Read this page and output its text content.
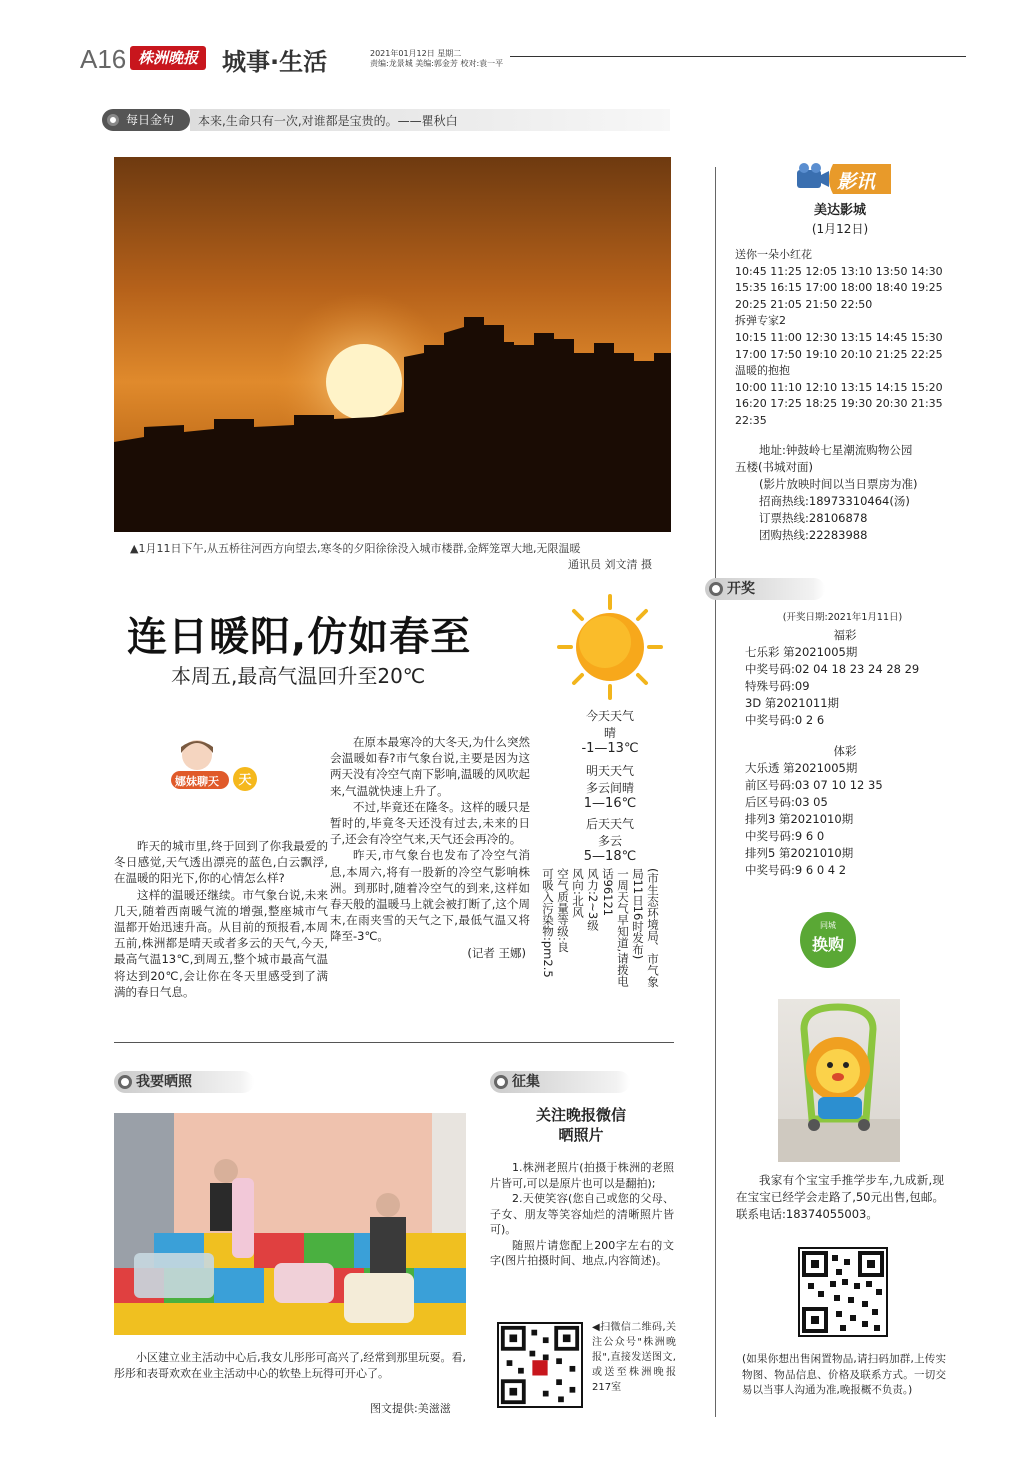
A16 株洲晚报	城事·生活	2021年01月12日 星期二
责编:龙景城 美编:郭金芳 校对:袁一平
每日金句	本来,生命只有一次,对谁都是宝贵的。——瞿秋白
▲1月11日下午,从五桥往河西方向望去,寒冬的夕阳徐徐没入城市楼群,金辉笼罩大地,无限温暖
通讯员 刘文清 摄
连日暖阳,仿如春至
本周五,最高气温回升至20℃
今天天气
晴
-1—13℃
明天天气
多云间晴
1—16℃
后天天气
多云
5—18℃
(市生态环境局、市气象局11日16时发布)
一周天气早知道,请拨电话96121
风力:2~3级
风向:北风
空气质量等级:良
可吸入污染物:pm2.5
天
娜妹聊天

昨天的城市里,终于回到了你我最爱的冬日感觉,天气透出漂亮的蓝色,白云飘浮,在温暖的阳光下,你的心情怎么样?

这样的温暖还继续。市气象台说,未来几天,随着西南暖气流的增强,整座城市气温都开始迅速升高。从目前的预报看,本周五前,株洲都是晴天或者多云的天气,今天,最高气温13℃,到周五,整个城市最高气温将达到20℃,会让你在冬天里感受到了满满的春日气息。

在原本最寒冷的大冬天,为什么突然会温暖如春?市气象台说,主要是因为这两天没有冷空气南下影响,温暖的风吹起来,气温就快速上升了。

不过,毕竟还在隆冬。这样的暖只是暂时的,毕竟冬天还没有过去,未来的日子,还会有冷空气来,天气还会再冷的。

昨天,市气象台也发布了冷空气消息,本周六,将有一股新的冷空气影响株洲。到那时,随着冷空气的到来,这样如春天般的温暖马上就会被打断了,这个周末,在雨夹雪的天气之下,最低气温又将降至-3℃。

(记者 王娜)
影讯
美达影城
(1月12日)
送你一朵小红花
10:45 11:25 12:05 13:10 13:50 14:30
15:35 16:15 17:00 18:00 18:40 19:25
20:25 21:05 21:50 22:50
拆弹专家2
10:15 11:00 12:30 13:15 14:45 15:30
17:00 17:50 19:10 20:10 21:25 22:25
温暖的抱抱
10:00 11:10 12:10 13:15 14:15 15:20
16:20 17:25 18:25 19:30 20:30 21:35
22:35
地址:钟鼓岭七星潮流购物公园
五楼(书城对面)
(影片放映时间以当日票房为准)
招商热线:18973310464(汤)
订票热线:28106878
团购热线:22283988
开奖
(开奖日期:2021年1月11日)
福彩
七乐彩 第2021005期
中奖号码:02 04 18 23 24 28 29
特殊号码:09
3D 第2021011期
中奖号码:0 2 6
体彩
大乐透 第2021005期
前区号码:03 07 10 12 35
后区号码:03 05
排列3 第2021010期
中奖号码:9 6 0
排列5 第2021010期
中奖号码:9 6 0 4 2
同城
换购
我家有个宝宝手推学步车,九成新,现在宝宝已经学会走路了,50元出售,包邮。联系电话:18374055003。
(如果你想出售闲置物品,请扫码加群,上传实物图、物品信息、价格及联系方式。一切交易以当事人沟通为准,晚报概不负责。)
我要晒照	征集

小区建立业主活动中心后,我女儿彤彤可高兴了,经常到那里玩耍。看,彤彤和表哥欢欢在业主活动中心的软垫上玩得可开心了。

图文提供:美滋滋
关注晚报微信
晒照片

1.株洲老照片(拍摄于株洲的老照片皆可,可以是原片也可以是翻拍);

2.天使笑容(您自己或您的父母、子女、朋友等笑容灿烂的清晰照片皆可)。

随照片请您配上200字左右的文字(图片拍摄时间、地点,内容简述)。

◀扫微信二维码,关注公众号"株洲晚报",直接发送图文,或送至株洲晚报217室
